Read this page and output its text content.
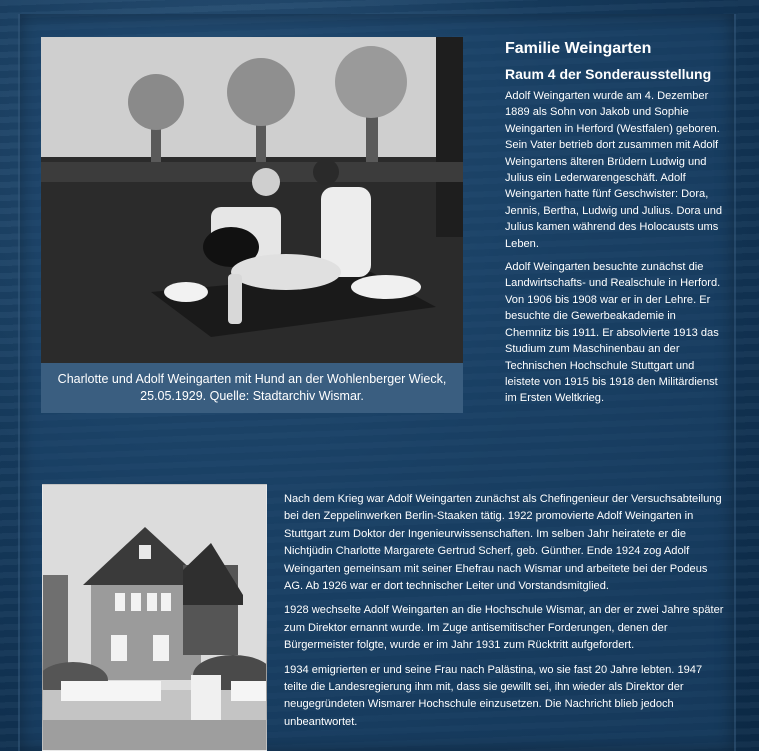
Charlotte und Adolf Weingarten mit Hund an der Wohlenberger Wieck, 25.05.1929. Quelle: Stadtarchiv Wismar.
Familie Weingarten
Raum 4 der Sonderausstellung

Adolf Weingarten wurde am 4. Dezember 1889 als Sohn von Jakob und Sophie Weingarten in Herford (Westfalen) geboren. Sein Vater betrieb dort zusammen mit Adolf Weingartens älteren Brüdern Ludwig und Julius ein Lederwarengeschäft. Adolf Weingarten hatte fünf Geschwister: Dora, Jennis, Bertha, Ludwig und Julius. Dora und Julius kamen während des Holocausts ums Leben.

Adolf Weingarten besuchte zunächst die Landwirtschafts- und Realschule in Herford. Von 1906 bis 1908 war er in der Lehre. Er besuchte die Gewerbeakademie in Chemnitz bis 1911. Er absolvierte 1913 das Studium zum Maschinenbau an der Technischen Hochschule Stuttgart und leistete von 1915 bis 1918 den Militärdienst im Ersten Weltkrieg.

Nach dem Krieg war Adolf Weingarten zunächst als Chefingenieur der Versuchsabteilung bei den Zeppelinwerken Berlin-Staaken tätig. 1922 promovierte Adolf Weingarten in Stuttgart zum Doktor der Ingenieurwissenschaften. Im selben Jahr heiratete er die Nichtjüdin Charlotte Margarete Gertrud Scherf, geb. Günther. Ende 1924 zog Adolf Weingarten gemeinsam mit seiner Ehefrau nach Wismar und arbeitete bei der Podeus AG. Ab 1926 war er dort technischer Leiter und Vorstandsmitglied.

1928 wechselte Adolf Weingarten an die Hochschule Wismar, an der er zwei Jahre später zum Direktor ernannt wurde. Im Zuge antisemitischer Forderungen, denen der Bürgermeister folgte, wurde er im Jahr 1931 zum Rücktritt aufgefordert.

1934 emigrierten er und seine Frau nach Palästina, wo sie fast 20 Jahre lebten. 1947 teilte die Landesregierung ihm mit, dass sie gewillt sei, ihn wieder als Direktor der neugegründeten Wismarer Hochschule einzusetzen. Die Nachricht blieb jedoch unbeantwortet.
